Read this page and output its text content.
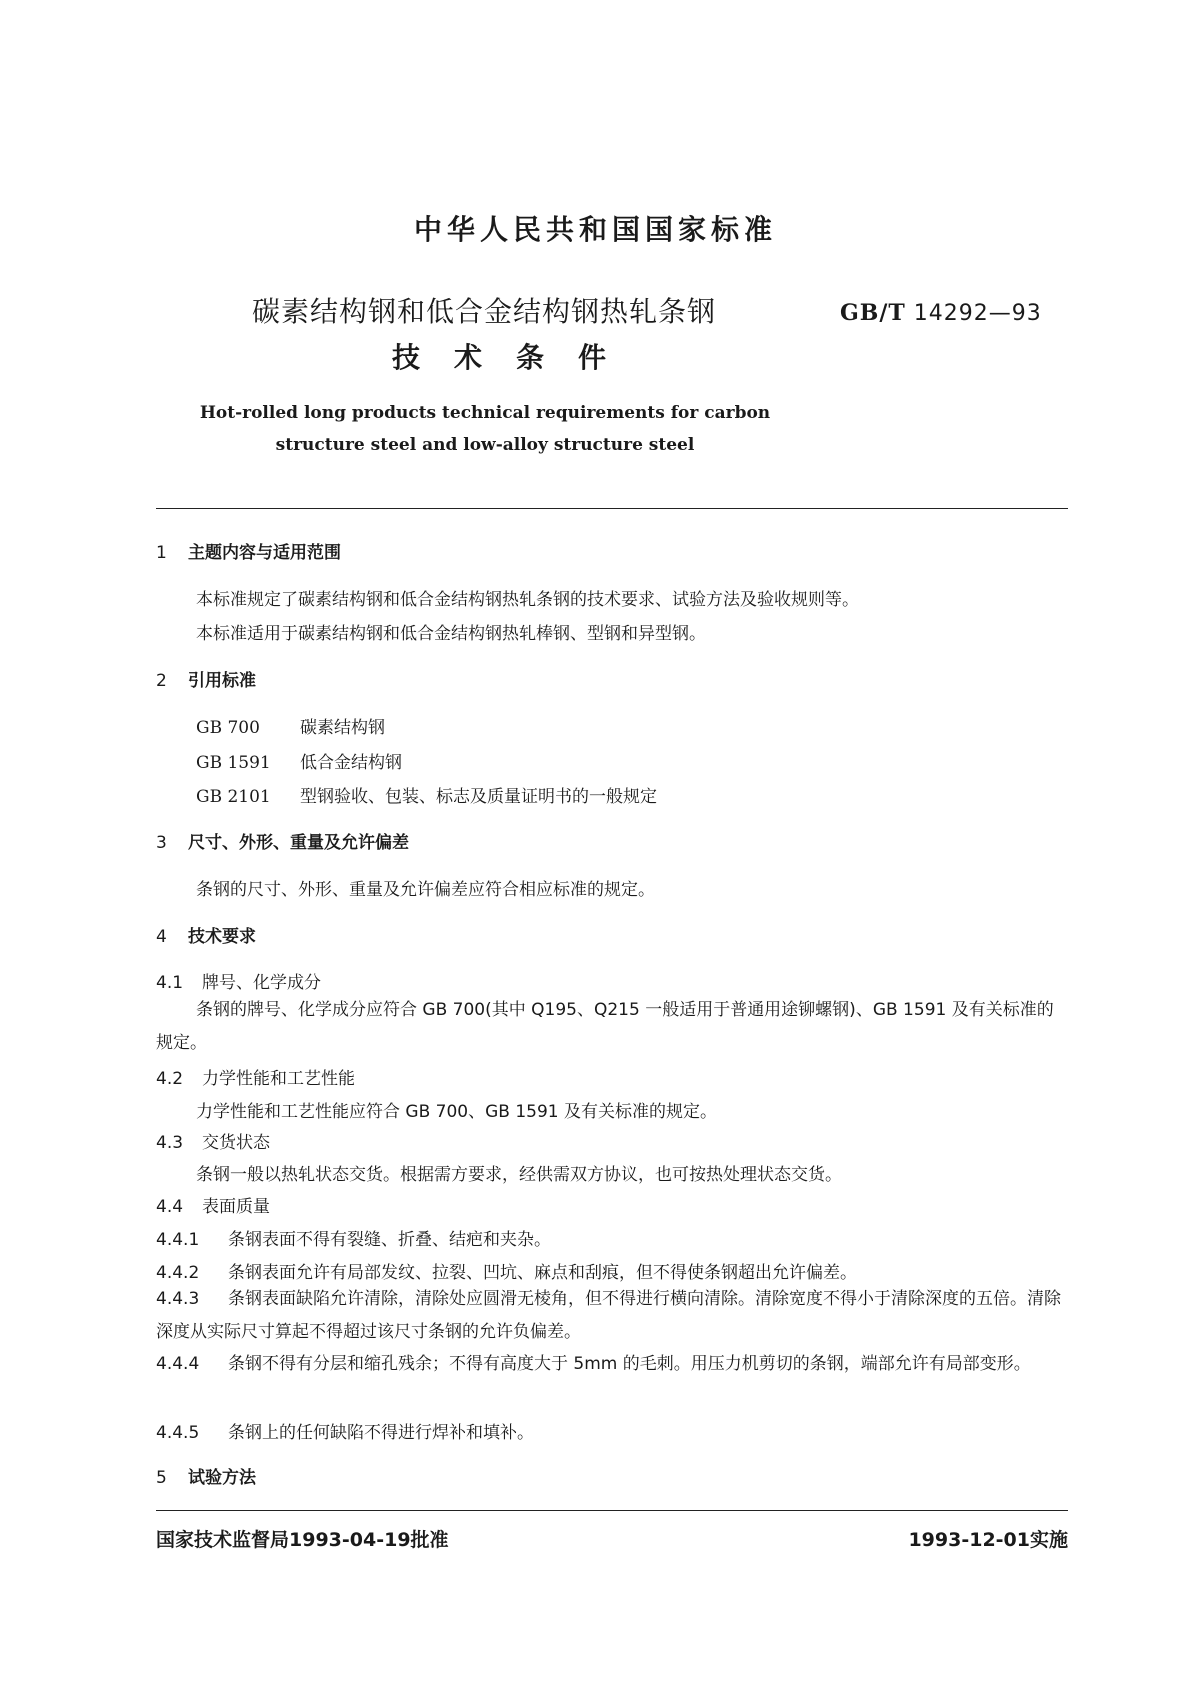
中华人民共和国国家标准
碳素结构钢和低合金结构钢热轧条钢	GB/T 14292—93
技术条件
Hot-rolled long products technical requirements for carbon
structure steel and low-alloy structure steel
1 主题内容与适用范围
本标准规定了碳素结构钢和低合金结构钢热轧条钢的技术要求、试验方法及验收规则等。
本标准适用于碳素结构钢和低合金结构钢热轧棒钢、型钢和异型钢。
2 引用标准
GB 700 碳素结构钢
GB 1591 低合金结构钢
GB 2101 型钢验收、包装、标志及质量证明书的一般规定
3 尺寸、外形、重量及允许偏差
条钢的尺寸、外形、重量及允许偏差应符合相应标准的规定。
4 技术要求
4.1 牌号、化学成分
条钢的牌号、化学成分应符合 GB 700(其中 Q195、Q215 一般适用于普通用途铆螺钢)、GB 1591 及有关标准的规定。
4.2 力学性能和工艺性能
力学性能和工艺性能应符合 GB 700、GB 1591 及有关标准的规定。
4.3 交货状态
条钢一般以热轧状态交货。根据需方要求，经供需双方协议，也可按热处理状态交货。
4.4 表面质量
4.4.1 条钢表面不得有裂缝、折叠、结疤和夹杂。
4.4.2 条钢表面允许有局部发纹、拉裂、凹坑、麻点和刮痕，但不得使条钢超出允许偏差。
4.4.3 条钢表面缺陷允许清除，清除处应圆滑无棱角，但不得进行横向清除。清除宽度不得小于清除深度的五倍。清除深度从实际尺寸算起不得超过该尺寸条钢的允许负偏差。
4.4.4 条钢不得有分层和缩孔残余；不得有高度大于 5mm 的毛刺。用压力机剪切的条钢，端部允许有局部变形。
4.4.5 条钢上的任何缺陷不得进行焊补和填补。
5 试验方法
国家技术监督局1993-04-19批准	1993-12-01实施
